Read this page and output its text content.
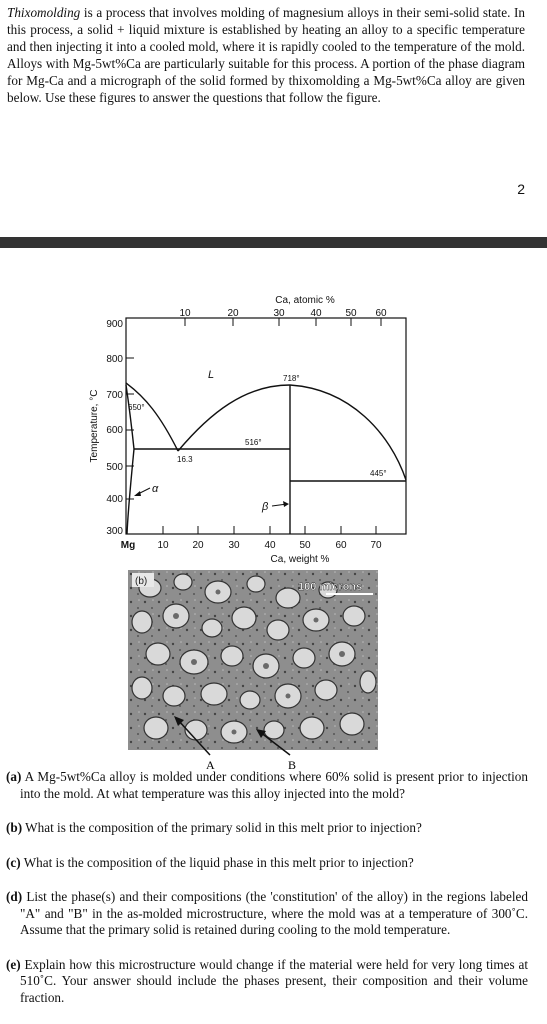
Thixomolding is a process that involves molding of magnesium alloys in their semi-solid state. In this process, a solid + liquid mixture is established by heating an alloy to a specific temperature and then injecting it into a cooled mold, where it is rapidly cooled to the temperature of the mold. Alloys with Mg-5wt%Ca are particularly suitable for this process. A portion of the phase diagram for Mg-Ca and a micrograph of the solid formed by thixomolding a Mg-5wt%Ca alloy are given below. Use these figures to answer the questions that follow the figure.

2
Ca, atomic %
10	20	30	40 50 60
Temperature, °C
300
400
500
600
700
800
900
Mg 10 20 30 40 50 60 70
Ca, weight %
L
α
β
650°
718°
516°
445°
16.3
(b)	100 microns
A	B
(a) A Mg-5wt%Ca alloy is molded under conditions where 60% solid is present prior to injection into the mold. At what temperature was this alloy injected into the mold?
(b) What is the composition of the primary solid in this melt prior to injection?
(c) What is the composition of the liquid phase in this melt prior to injection?
(d) List the phase(s) and their compositions (the 'constitution' of the alloy) in the regions labeled "A" and "B" in the as-molded microstructure, where the mold was at a temperature of 300˚C. Assume that the primary solid is retained during cooling to the mold temperature.
(e) Explain how this microstructure would change if the material were held for very long times at 510˚C. Your answer should include the phases present, their composition and their volume fraction.
